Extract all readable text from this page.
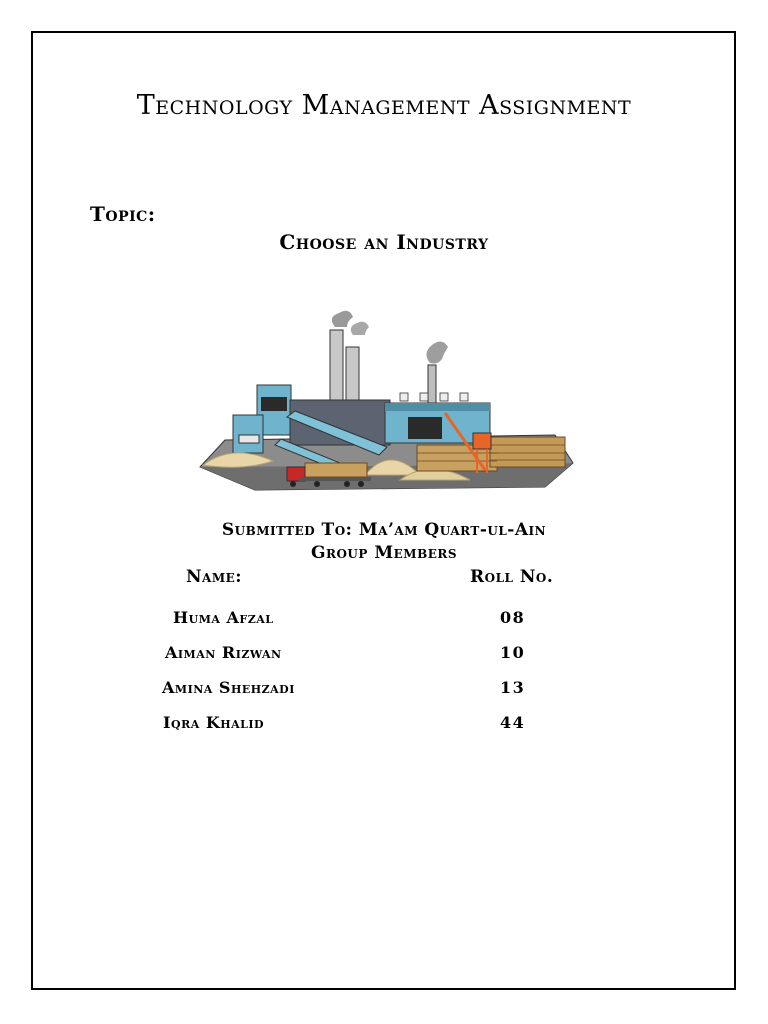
Technology Management Assignment
Topic:
Choose an Industry
Submitted To: Ma’am Quart-ul-Ain
Group Members
Name:	Roll No.
Huma Afzal	08
Aiman Rizwan	10
Amina Shehzadi	13
Iqra Khalid	44
